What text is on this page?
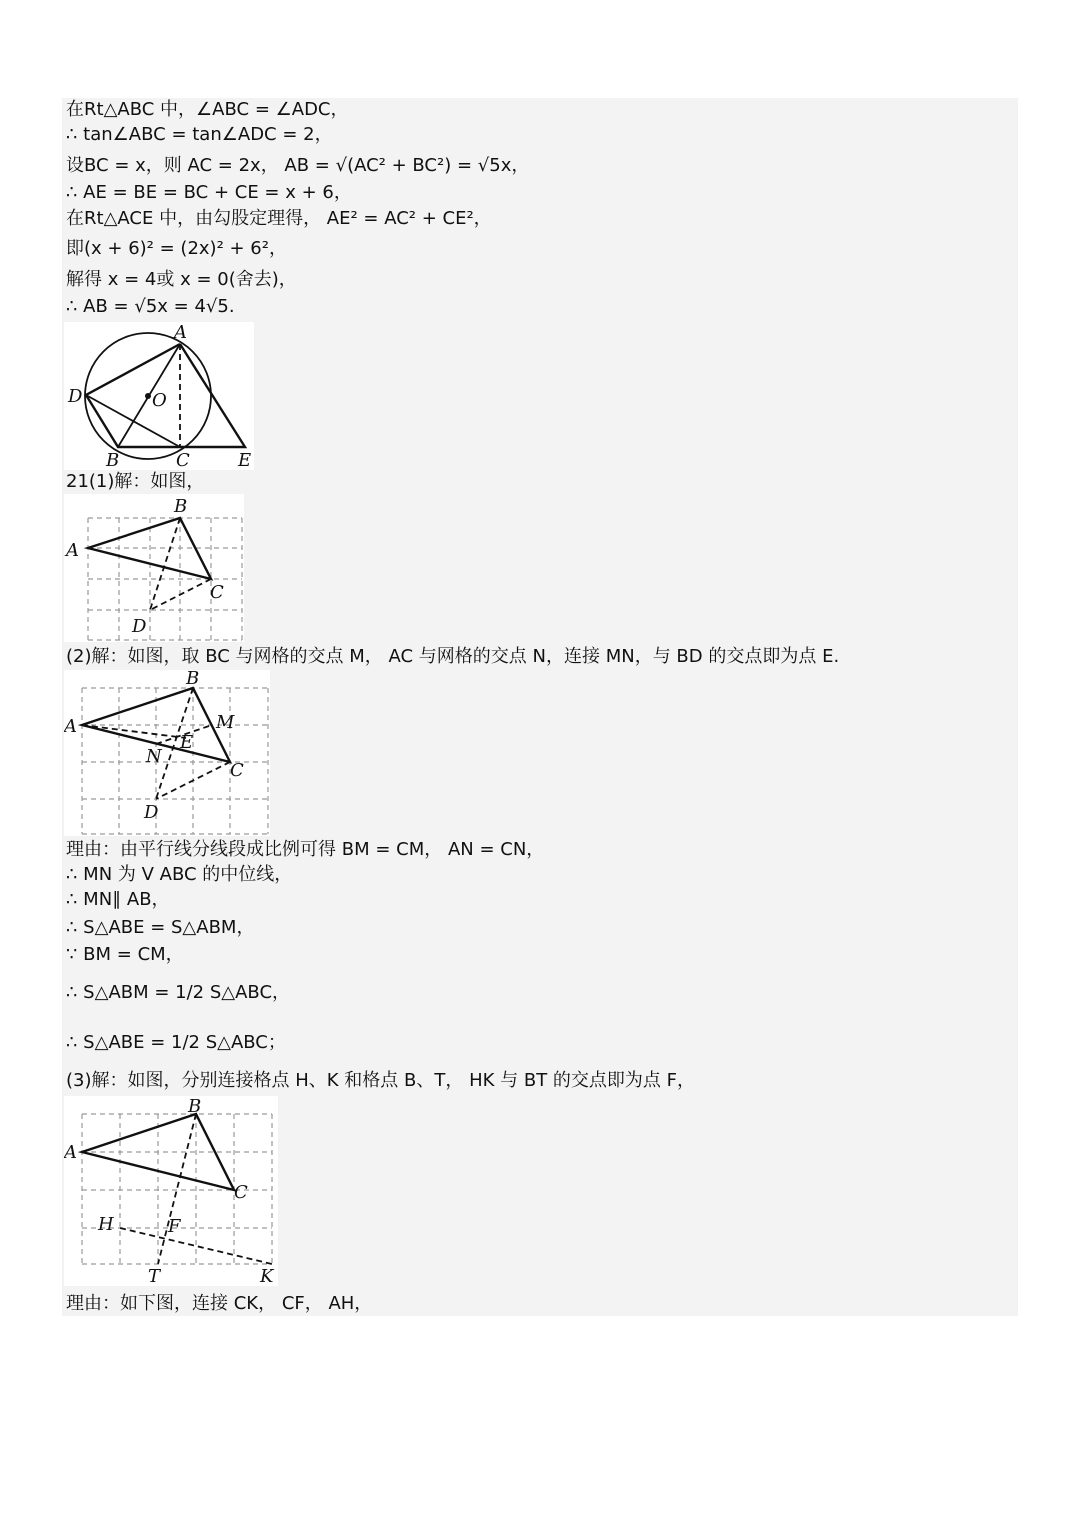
在Rt△ABC 中，∠ABC = ∠ADC，
∴ tan∠ABC = tan∠ADC = 2，
设BC = x，则 AC = 2x， AB = √(AC² + BC²) = √5x，
∴ AE = BE = BC + CE = x + 6，
在Rt△ACE 中，由勾股定理得， AE² = AC² + CE²，
即(x + 6)² = (2x)² + 6²，
解得 x = 4或 x = 0(舍去)，
∴ AB = √5x = 4√5.
21(1)解：如图，
(2)解：如图，取 BC 与网格的交点 M， AC 与网格的交点 N，连接 MN，与 BD 的交点即为点 E.
理由：由平行线分线段成比例可得 BM = CM， AN = CN，
∴ MN 为 V ABC 的中位线，
∴ MN∥ AB，
∴ S△ABE = S△ABM，
∵ BM = CM，
∴ S△ABM = 1/2 S△ABC，
∴ S△ABE = 1/2 S△ABC；
(3)解：如图，分别连接格点 H、K 和格点 B、T， HK 与 BT 的交点即为点 F，
理由：如下图，连接 CK， CF， AH，
A
D	O
B	C	E
B
A
C
D
B
A	M
E
N
C
D
B
A
C
H	F
T	K
